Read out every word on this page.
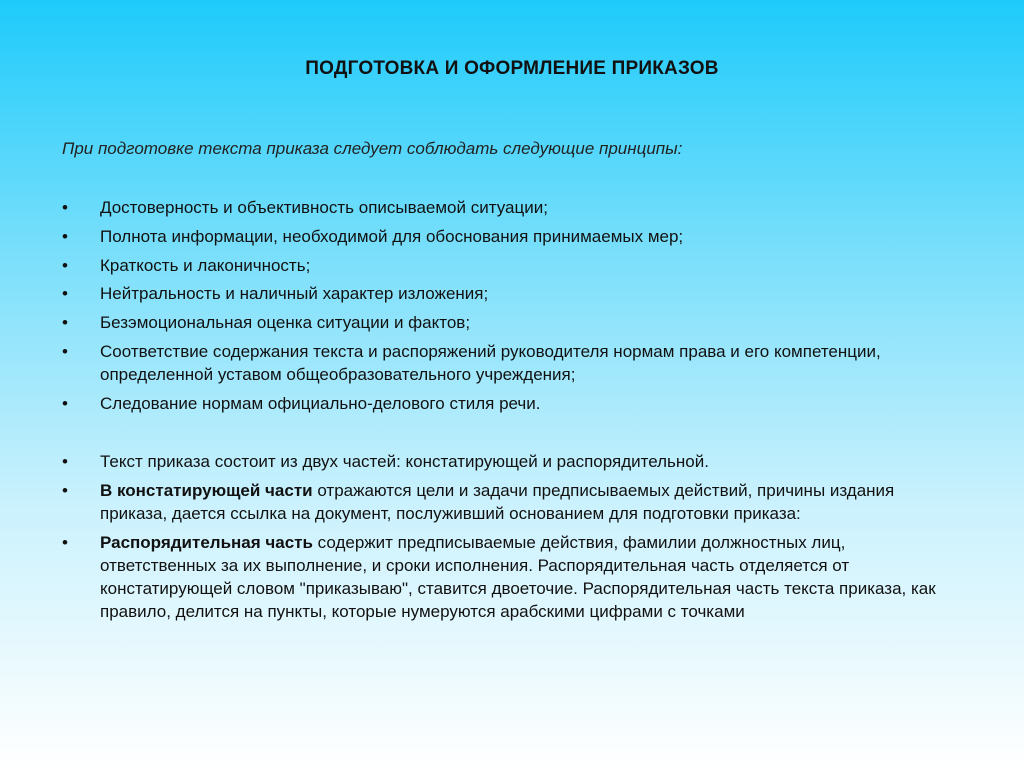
ПОДГОТОВКА И ОФОРМЛЕНИЕ ПРИКАЗОВ
При подготовке текста приказа следует соблюдать следующие принципы:
•	Достоверность и объективность описываемой ситуации;
•	Полнота информации, необходимой для обоснования принимаемых мер;
•	Краткость и лаконичность;
•	Нейтральность и наличный характер изложения;
•	Безэмоциональная оценка ситуации и фактов;
•	Соответствие содержания текста и распоряжений руководителя нормам права и его компетенции, определенной уставом общеобразовательного учреждения;
•	Следование нормам официально-делового стиля речи.
•	Текст приказа состоит из двух частей: констатирующей и распорядительной.
•	В констатирующей части отражаются цели и задачи предписываемых действий, причины издания приказа, дается ссылка на документ, послуживший основанием для подготовки приказа:
•	Распорядительная часть содержит предписываемые действия, фамилии должностных лиц, ответственных за их выполнение, и сроки исполнения. Распорядительная часть отделяется от констатирующей словом "приказываю", ставится двоеточие. Распорядительная часть текста приказа, как правило, делится на пункты, которые нумеруются арабскими цифрами с точками
